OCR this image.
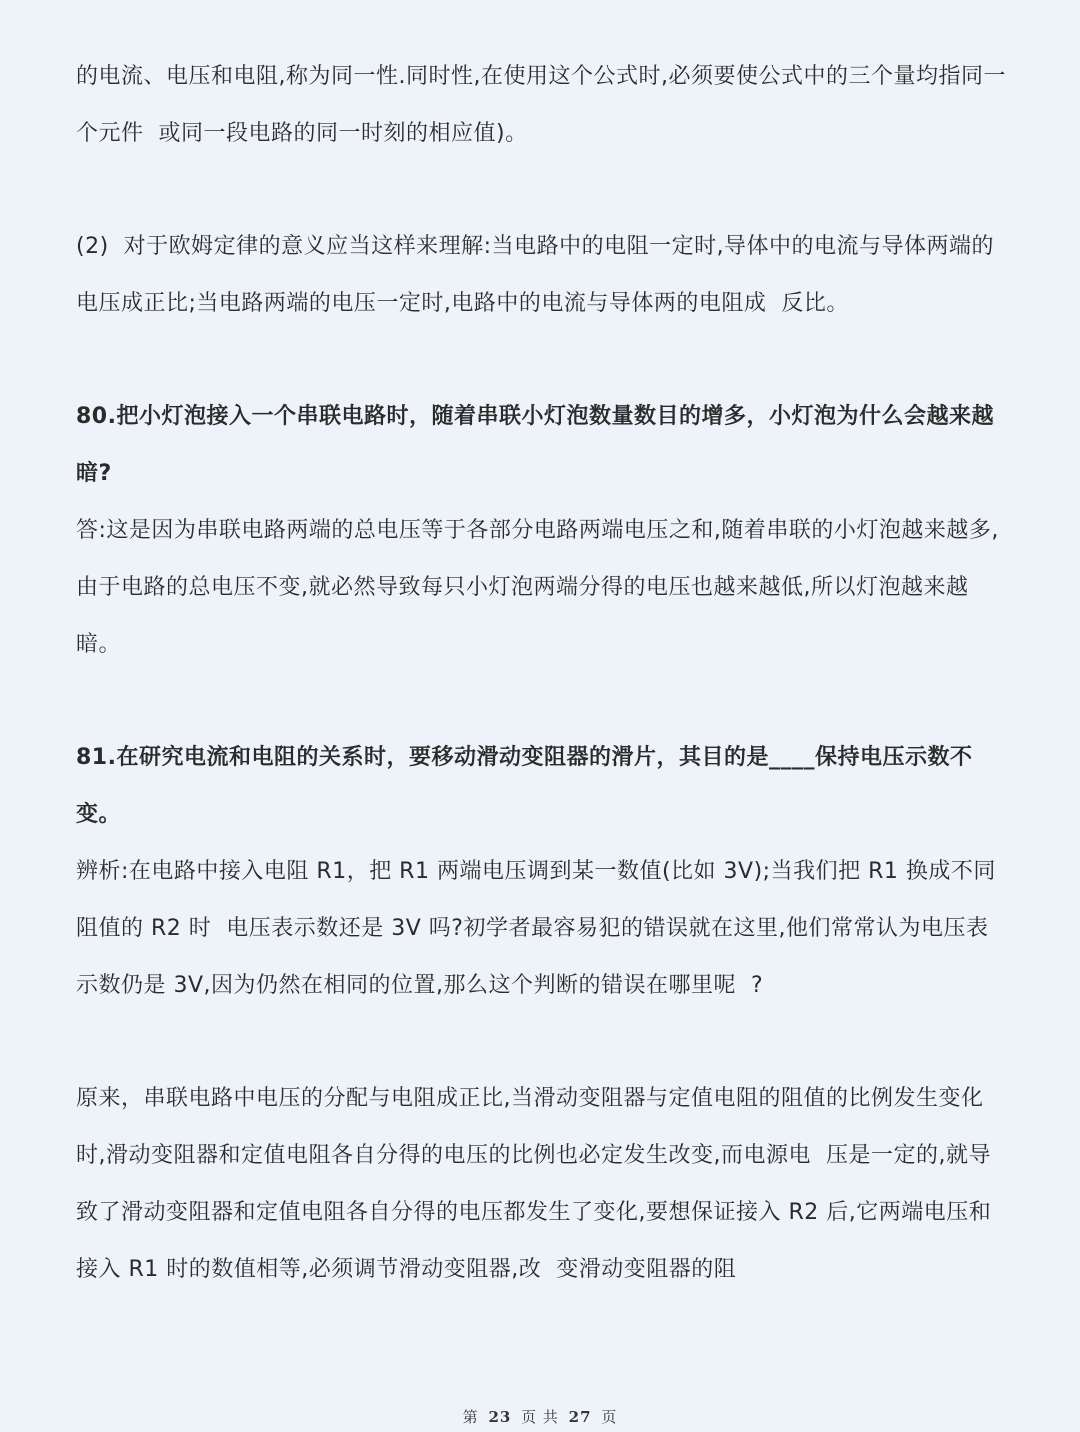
的电流、电压和电阻,称为同一性.同时性,在使用这个公式时,必须要使公式中的三个量均指同一个元件  或同一段电路的同一时刻的相应值)。

(2)  对于欧姆定律的意义应当这样来理解:当电路中的电阻一定时,导体中的电流与导体两端的电压成正比;当电路两端的电压一定时,电路中的电流与导体两的电阻成  反比。

80.把小灯泡接入一个串联电路时，随着串联小灯泡数量数目的增多，小灯泡为什么会越来越暗?

答:这是因为串联电路两端的总电压等于各部分电路两端电压之和,随着串联的小灯泡越来越多,由于电路的总电压不变,就必然导致每只小灯泡两端分得的电压也越来越低,所以灯泡越来越暗。

81.在研究电流和电阻的关系时，要移动滑动变阻器的滑片，其目的是____保持电压示数不变。

辨析:在电路中接入电阻 R1，把 R1 两端电压调到某一数值(比如 3V);当我们把 R1 换成不同阻值的 R2 时  电压表示数还是 3V 吗?初学者最容易犯的错误就在这里,他们常常认为电压表示数仍是 3V,因为仍然在相同的位置,那么这个判断的错误在哪里呢  ?

原来，串联电路中电压的分配与电阻成正比,当滑动变阻器与定值电阻的阻值的比例发生变化时,滑动变阻器和定值电阻各自分得的电压的比例也必定发生改变,而电源电  压是一定的,就导致了滑动变阻器和定值电阻各自分得的电压都发生了变化,要想保证接入 R2 后,它两端电压和接入 R1 时的数值相等,必须调节滑动变阻器,改  变滑动变阻器的阻

第 23 页 共 27 页
